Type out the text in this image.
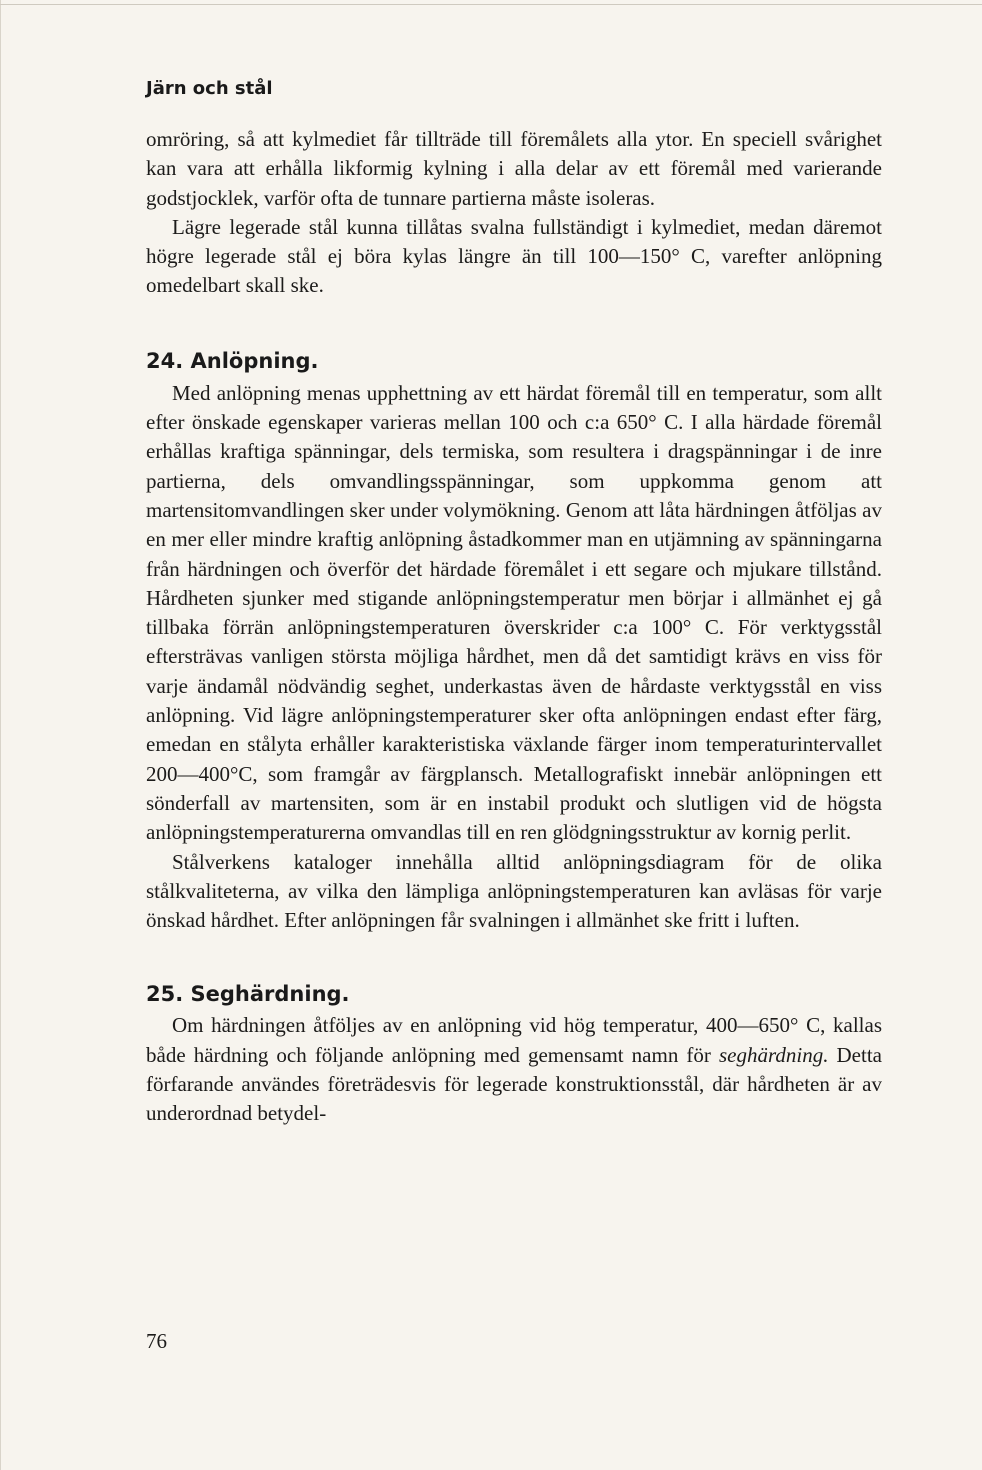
Järn och stål

omröring, så att kylmediet får tillträde till föremålets alla ytor. En speciell svårighet kan vara att erhålla likformig kylning i alla delar av ett föremål med varierande godstjocklek, varför ofta de tunnare partierna måste isoleras.

Lägre legerade stål kunna tillåtas svalna fullständigt i kylmediet, medan däremot högre legerade stål ej böra kylas längre än till 100—150° C, varefter anlöpning omedelbart skall ske.

24. Anlöpning.

Med anlöpning menas upphettning av ett härdat föremål till en temperatur, som allt efter önskade egenskaper varieras mellan 100 och c:a 650° C. I alla härdade föremål erhållas kraftiga spänningar, dels termiska, som resultera i dragspänningar i de inre partierna, dels omvandlingsspänningar, som uppkomma genom att martensitomvandlingen sker under volymökning. Genom att låta härdningen åtföljas av en mer eller mindre kraftig anlöpning åstadkommer man en utjämning av spänningarna från härdningen och överför det härdade föremålet i ett segare och mjukare tillstånd. Hårdheten sjunker med stigande anlöpningstemperatur men börjar i allmänhet ej gå tillbaka förrän anlöpningstemperaturen överskrider c:a 100° C. För verktygsstål eftersträvas vanligen största möjliga hårdhet, men då det samtidigt krävs en viss för varje ändamål nödvändig seghet, underkastas även de hårdaste verktygsstål en viss anlöpning. Vid lägre anlöpningstemperaturer sker ofta anlöpningen endast efter färg, emedan en stålyta erhåller karakteristiska växlande färger inom temperaturintervallet 200—400°C, som framgår av färgplansch. Metallografiskt innebär anlöpningen ett sönderfall av martensiten, som är en instabil produkt och slutligen vid de högsta anlöpningstemperaturerna omvandlas till en ren glödgningsstruktur av kornig perlit.

Stålverkens kataloger innehålla alltid anlöpningsdiagram för de olika stålkvaliteterna, av vilka den lämpliga anlöpningstemperaturen kan avläsas för varje önskad hårdhet. Efter anlöpningen får svalningen i allmänhet ske fritt i luften.

25. Seghärdning.

Om härdningen åtföljes av en anlöpning vid hög temperatur, 400—650° C, kallas både härdning och följande anlöpning med gemensamt namn för seghärdning. Detta förfarande användes företrädesvis för legerade konstruktionsstål, där hårdheten är av underordnad betydel-

76
